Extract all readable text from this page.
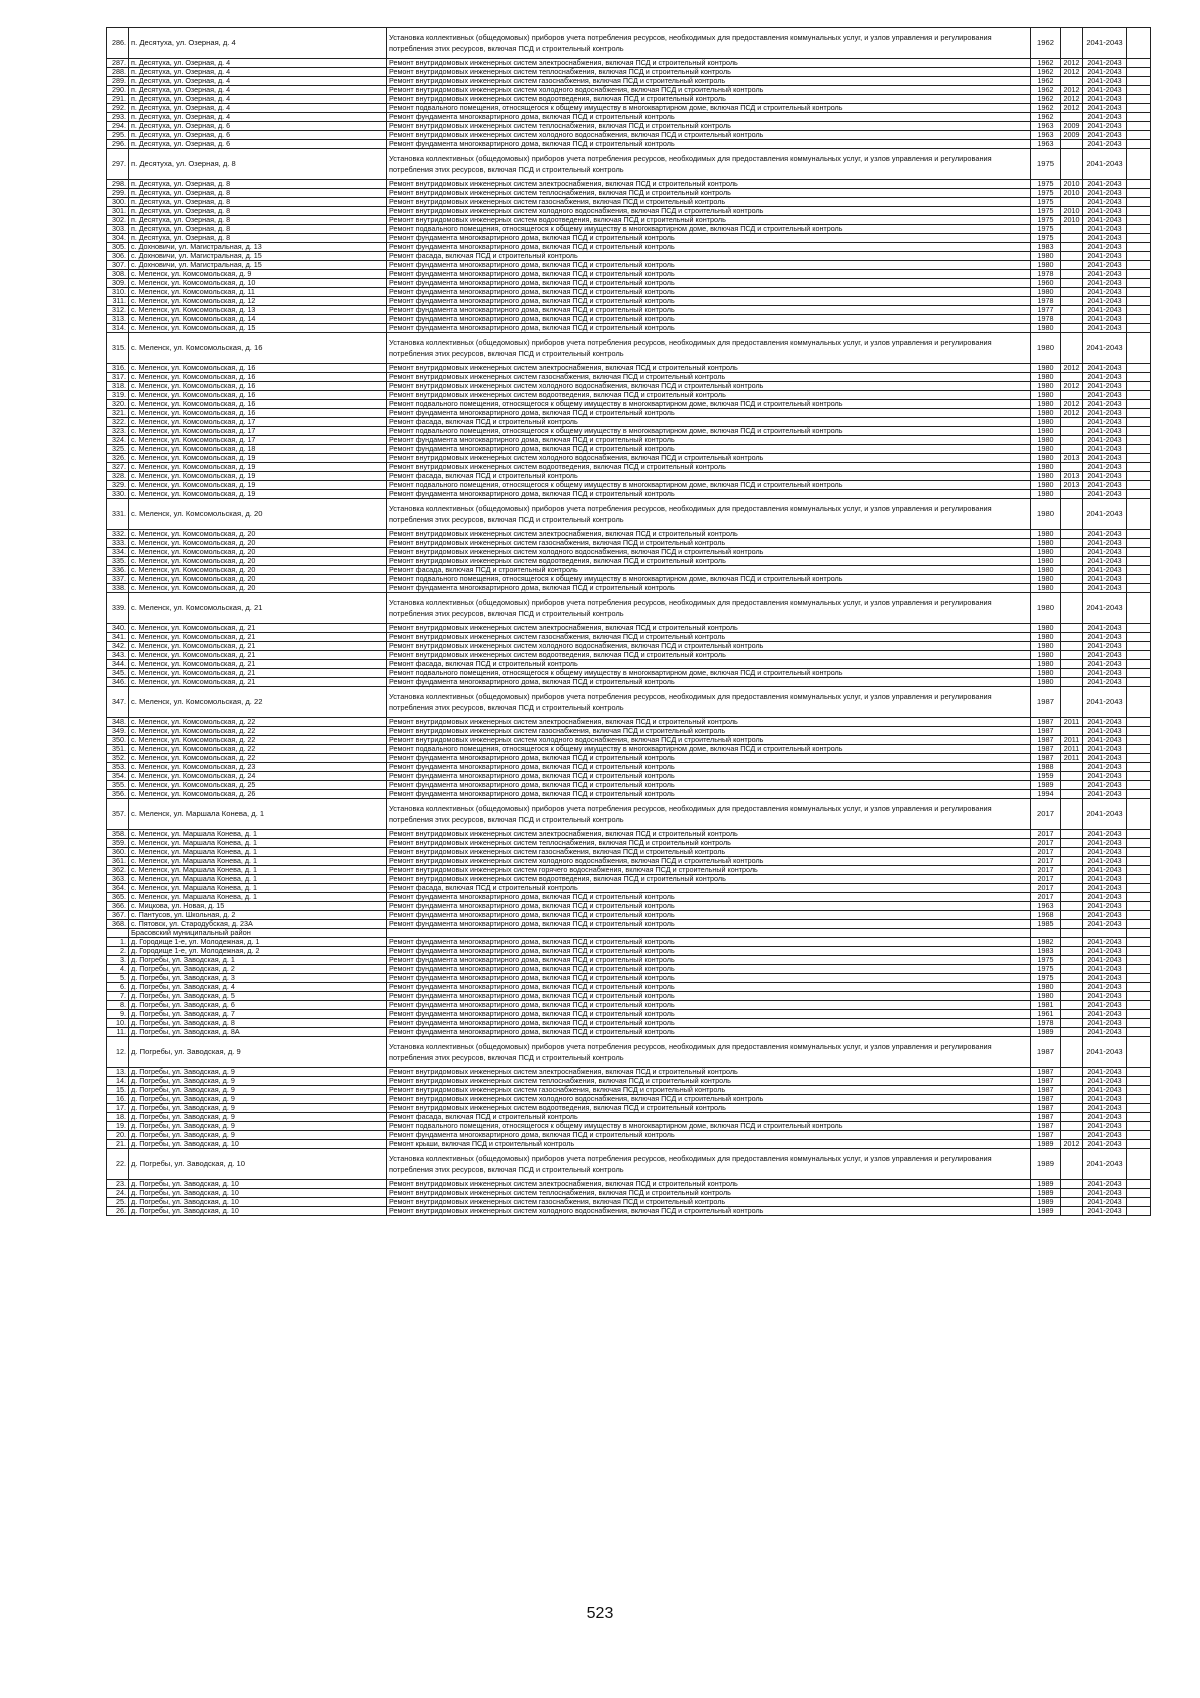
286.	п. Десятуха, ул. Озерная, д. 4	Установка коллективных (общедомовых) приборов учета потребления ресурсов, необходимых для предоставления коммунальных услуг, и узлов управления и регулирования потребления этих ресурсов, включая ПСД и строительный контроль	1962		2041-2043	
287.	п. Десятуха, ул. Озерная, д. 4	Ремонт внутридомовых инженерных систем электроснабжения, включая ПСД и строительный контроль	1962	2012	2041-2043	
288.	п. Десятуха, ул. Озерная, д. 4	Ремонт внутридомовых инженерных систем теплоснабжения, включая ПСД и строительный контроль	1962	2012	2041-2043	
289.	п. Десятуха, ул. Озерная, д. 4	Ремонт внутридомовых инженерных систем газоснабжения, включая ПСД и строительный контроль	1962		2041-2043	
290.	п. Десятуха, ул. Озерная, д. 4	Ремонт внутридомовых инженерных систем холодного водоснабжения, включая ПСД и строительный контроль	1962	2012	2041-2043	
291.	п. Десятуха, ул. Озерная, д. 4	Ремонт внутридомовых инженерных систем водоотведения, включая ПСД и строительный контроль	1962	2012	2041-2043	
292.	п. Десятуха, ул. Озерная, д. 4	Ремонт подвального помещения, относящегося к общему имуществу в многоквартирном доме, включая ПСД и строительный контроль	1962	2012	2041-2043	
293.	п. Десятуха, ул. Озерная, д. 4	Ремонт фундамента многоквартирного дома, включая ПСД и строительный контроль	1962		2041-2043	
294.	п. Десятуха, ул. Озерная, д. 6	Ремонт внутридомовых инженерных систем теплоснабжения, включая ПСД и строительный контроль	1963	2009	2041-2043	
295.	п. Десятуха, ул. Озерная, д. 6	Ремонт внутридомовых инженерных систем холодного водоснабжения, включая ПСД и строительный контроль	1963	2009	2041-2043	
296.	п. Десятуха, ул. Озерная, д. 6	Ремонт фундамента многоквартирного дома, включая ПСД и строительный контроль	1963		2041-2043	
297.	п. Десятуха, ул. Озерная, д. 8	Установка коллективных (общедомовых) приборов учета потребления ресурсов, необходимых для предоставления коммунальных услуг, и узлов управления и регулирования потребления этих ресурсов, включая ПСД и строительный контроль	1975		2041-2043	
298.	п. Десятуха, ул. Озерная, д. 8	Ремонт внутридомовых инженерных систем электроснабжения, включая ПСД и строительный контроль	1975	2010	2041-2043	
299.	п. Десятуха, ул. Озерная, д. 8	Ремонт внутридомовых инженерных систем теплоснабжения, включая ПСД и строительный контроль	1975	2010	2041-2043	
300.	п. Десятуха, ул. Озерная, д. 8	Ремонт внутридомовых инженерных систем газоснабжения, включая ПСД и строительный контроль	1975		2041-2043	
301.	п. Десятуха, ул. Озерная, д. 8	Ремонт внутридомовых инженерных систем холодного водоснабжения, включая ПСД и строительный контроль	1975	2010	2041-2043	
302.	п. Десятуха, ул. Озерная, д. 8	Ремонт внутридомовых инженерных систем водоотведения, включая ПСД и строительный контроль	1975	2010	2041-2043	
303.	п. Десятуха, ул. Озерная, д. 8	Ремонт подвального помещения, относящегося к общему имуществу в многоквартирном доме, включая ПСД и строительный контроль	1975		2041-2043	
304.	п. Десятуха, ул. Озерная, д. 8	Ремонт фундамента многоквартирного дома, включая ПСД и строительный контроль	1975		2041-2043	
305.	с. Дохновичи, ул. Магистральная, д. 13	Ремонт фундамента многоквартирного дома, включая ПСД и строительный контроль	1983		2041-2043	
306.	с. Дохновичи, ул. Магистральная, д. 15	Ремонт фасада, включая ПСД и строительный контроль	1980		2041-2043	
307.	с. Дохновичи, ул. Магистральная, д. 15	Ремонт фундамента многоквартирного дома, включая ПСД и строительный контроль	1980		2041-2043	
308.	с. Меленск, ул. Комсомольская, д. 9	Ремонт фундамента многоквартирного дома, включая ПСД и строительный контроль	1978		2041-2043	
309.	с. Меленск, ул. Комсомольская, д. 10	Ремонт фундамента многоквартирного дома, включая ПСД и строительный контроль	1960		2041-2043	
310.	с. Меленск, ул. Комсомольская, д. 11	Ремонт фундамента многоквартирного дома, включая ПСД и строительный контроль	1980		2041-2043	
311.	с. Меленск, ул. Комсомольская, д. 12	Ремонт фундамента многоквартирного дома, включая ПСД и строительный контроль	1978		2041-2043	
312.	с. Меленск, ул. Комсомольская, д. 13	Ремонт фундамента многоквартирного дома, включая ПСД и строительный контроль	1977		2041-2043	
313.	с. Меленск, ул. Комсомольская, д. 14	Ремонт фундамента многоквартирного дома, включая ПСД и строительный контроль	1978		2041-2043	
314.	с. Меленск, ул. Комсомольская, д. 15	Ремонт фундамента многоквартирного дома, включая ПСД и строительный контроль	1980		2041-2043	
315.	с. Меленск, ул. Комсомольская, д. 16	Установка коллективных (общедомовых) приборов учета потребления ресурсов, необходимых для предоставления коммунальных услуг, и узлов управления и регулирования потребления этих ресурсов, включая ПСД и строительный контроль	1980		2041-2043	
316.	с. Меленск, ул. Комсомольская, д. 16	Ремонт внутридомовых инженерных систем электроснабжения, включая ПСД и строительный контроль	1980	2012	2041-2043	
317.	с. Меленск, ул. Комсомольская, д. 16	Ремонт внутридомовых инженерных систем газоснабжения, включая ПСД и строительный контроль	1980		2041-2043	
318.	с. Меленск, ул. Комсомольская, д. 16	Ремонт внутридомовых инженерных систем холодного водоснабжения, включая ПСД и строительный контроль	1980	2012	2041-2043	
319.	с. Меленск, ул. Комсомольская, д. 16	Ремонт внутридомовых инженерных систем водоотведения, включая ПСД и строительный контроль	1980		2041-2043	
320.	с. Меленск, ул. Комсомольская, д. 16	Ремонт подвального помещения, относящегося к общему имуществу в многоквартирном доме, включая ПСД и строительный контроль	1980	2012	2041-2043	
321.	с. Меленск, ул. Комсомольская, д. 16	Ремонт фундамента многоквартирного дома, включая ПСД и строительный контроль	1980	2012	2041-2043	
322.	с. Меленск, ул. Комсомольская, д. 17	Ремонт фасада, включая ПСД и строительный контроль	1980		2041-2043	
323.	с. Меленск, ул. Комсомольская, д. 17	Ремонт подвального помещения, относящегося к общему имуществу в многоквартирном доме, включая ПСД и строительный контроль	1980		2041-2043	
324.	с. Меленск, ул. Комсомольская, д. 17	Ремонт фундамента многоквартирного дома, включая ПСД и строительный контроль	1980		2041-2043	
325.	с. Меленск, ул. Комсомольская, д. 18	Ремонт фундамента многоквартирного дома, включая ПСД и строительный контроль	1980		2041-2043	
326.	с. Меленск, ул. Комсомольская, д. 19	Ремонт внутридомовых инженерных систем холодного водоснабжения, включая ПСД и строительный контроль	1980	2013	2041-2043	
327.	с. Меленск, ул. Комсомольская, д. 19	Ремонт внутридомовых инженерных систем водоотведения, включая ПСД и строительный контроль	1980		2041-2043	
328.	с. Меленск, ул. Комсомольская, д. 19	Ремонт фасада, включая ПСД и строительный контроль	1980	2013	2041-2043	
329.	с. Меленск, ул. Комсомольская, д. 19	Ремонт подвального помещения, относящегося к общему имуществу в многоквартирном доме, включая ПСД и строительный контроль	1980	2013	2041-2043	
330.	с. Меленск, ул. Комсомольская, д. 19	Ремонт фундамента многоквартирного дома, включая ПСД и строительный контроль	1980		2041-2043	
331.	с. Меленск, ул. Комсомольская, д. 20	Установка коллективных (общедомовых) приборов учета потребления ресурсов, необходимых для предоставления коммунальных услуг, и узлов управления и регулирования потребления этих ресурсов, включая ПСД и строительный контроль	1980		2041-2043	
332.	с. Меленск, ул. Комсомольская, д. 20	Ремонт внутридомовых инженерных систем электроснабжения, включая ПСД и строительный контроль	1980		2041-2043	
333.	с. Меленск, ул. Комсомольская, д. 20	Ремонт внутридомовых инженерных систем газоснабжения, включая ПСД и строительный контроль	1980		2041-2043	
334.	с. Меленск, ул. Комсомольская, д. 20	Ремонт внутридомовых инженерных систем холодного водоснабжения, включая ПСД и строительный контроль	1980		2041-2043	
335.	с. Меленск, ул. Комсомольская, д. 20	Ремонт внутридомовых инженерных систем водоотведения, включая ПСД и строительный контроль	1980		2041-2043	
336.	с. Меленск, ул. Комсомольская, д. 20	Ремонт фасада, включая ПСД и строительный контроль	1980		2041-2043	
337.	с. Меленск, ул. Комсомольская, д. 20	Ремонт подвального помещения, относящегося к общему имуществу в многоквартирном доме, включая ПСД и строительный контроль	1980		2041-2043	
338.	с. Меленск, ул. Комсомольская, д. 20	Ремонт фундамента многоквартирного дома, включая ПСД и строительный контроль	1980		2041-2043	
339.	с. Меленск, ул. Комсомольская, д. 21	Установка коллективных (общедомовых) приборов учета потребления ресурсов, необходимых для предоставления коммунальных услуг, и узлов управления и регулирования потребления этих ресурсов, включая ПСД и строительный контроль	1980		2041-2043	
340.	с. Меленск, ул. Комсомольская, д. 21	Ремонт внутридомовых инженерных систем электроснабжения, включая ПСД и строительный контроль	1980		2041-2043	
341.	с. Меленск, ул. Комсомольская, д. 21	Ремонт внутридомовых инженерных систем газоснабжения, включая ПСД и строительный контроль	1980		2041-2043	
342.	с. Меленск, ул. Комсомольская, д. 21	Ремонт внутридомовых инженерных систем холодного водоснабжения, включая ПСД и строительный контроль	1980		2041-2043	
343.	с. Меленск, ул. Комсомольская, д. 21	Ремонт внутридомовых инженерных систем водоотведения, включая ПСД и строительный контроль	1980		2041-2043	
344.	с. Меленск, ул. Комсомольская, д. 21	Ремонт фасада, включая ПСД и строительный контроль	1980		2041-2043	
345.	с. Меленск, ул. Комсомольская, д. 21	Ремонт подвального помещения, относящегося к общему имуществу в многоквартирном доме, включая ПСД и строительный контроль	1980		2041-2043	
346.	с. Меленск, ул. Комсомольская, д. 21	Ремонт фундамента многоквартирного дома, включая ПСД и строительный контроль	1980		2041-2043	
347.	с. Меленск, ул. Комсомольская, д. 22	Установка коллективных (общедомовых) приборов учета потребления ресурсов, необходимых для предоставления коммунальных услуг, и узлов управления и регулирования потребления этих ресурсов, включая ПСД и строительный контроль	1987		2041-2043	
348.	с. Меленск, ул. Комсомольская, д. 22	Ремонт внутридомовых инженерных систем электроснабжения, включая ПСД и строительный контроль	1987	2011	2041-2043	
349.	с. Меленск, ул. Комсомольская, д. 22	Ремонт внутридомовых инженерных систем газоснабжения, включая ПСД и строительный контроль	1987		2041-2043	
350.	с. Меленск, ул. Комсомольская, д. 22	Ремонт внутридомовых инженерных систем холодного водоснабжения, включая ПСД и строительный контроль	1987	2011	2041-2043	
351.	с. Меленск, ул. Комсомольская, д. 22	Ремонт подвального помещения, относящегося к общему имуществу в многоквартирном доме, включая ПСД и строительный контроль	1987	2011	2041-2043	
352.	с. Меленск, ул. Комсомольская, д. 22	Ремонт фундамента многоквартирного дома, включая ПСД и строительный контроль	1987	2011	2041-2043	
353.	с. Меленск, ул. Комсомольская, д. 23	Ремонт фундамента многоквартирного дома, включая ПСД и строительный контроль	1988		2041-2043	
354.	с. Меленск, ул. Комсомольская, д. 24	Ремонт фундамента многоквартирного дома, включая ПСД и строительный контроль	1959		2041-2043	
355.	с. Меленск, ул. Комсомольская, д. 25	Ремонт фундамента многоквартирного дома, включая ПСД и строительный контроль	1989		2041-2043	
356.	с. Меленск, ул. Комсомольская, д. 26	Ремонт фундамента многоквартирного дома, включая ПСД и строительный контроль	1994		2041-2043	
357.	с. Меленск, ул. Маршала Конева, д. 1	Установка коллективных (общедомовых) приборов учета потребления ресурсов, необходимых для предоставления коммунальных услуг, и узлов управления и регулирования потребления этих ресурсов, включая ПСД и строительный контроль	2017		2041-2043	
358.	с. Меленск, ул. Маршала Конева, д. 1	Ремонт внутридомовых инженерных систем электроснабжения, включая ПСД и строительный контроль	2017		2041-2043	
359.	с. Меленск, ул. Маршала Конева, д. 1	Ремонт внутридомовых инженерных систем теплоснабжения, включая ПСД и строительный контроль	2017		2041-2043	
360.	с. Меленск, ул. Маршала Конева, д. 1	Ремонт внутридомовых инженерных систем газоснабжения, включая ПСД и строительный контроль	2017		2041-2043	
361.	с. Меленск, ул. Маршала Конева, д. 1	Ремонт внутридомовых инженерных систем холодного водоснабжения, включая ПСД и строительный контроль	2017		2041-2043	
362.	с. Меленск, ул. Маршала Конева, д. 1	Ремонт внутридомовых инженерных систем горячего водоснабжения, включая ПСД и строительный контроль	2017		2041-2043	
363.	с. Меленск, ул. Маршала Конева, д. 1	Ремонт внутридомовых инженерных систем водоотведения, включая ПСД и строительный контроль	2017		2041-2043	
364.	с. Меленск, ул. Маршала Конева, д. 1	Ремонт фасада, включая ПСД и строительный контроль	2017		2041-2043	
365.	с. Меленск, ул. Маршала Конева, д. 1	Ремонт фундамента многоквартирного дома, включая ПСД и строительный контроль	2017		2041-2043	
366.	с. Мицкова, ул. Новая, д. 15	Ремонт фундамента многоквартирного дома, включая ПСД и строительный контроль	1963		2041-2043	
367.	с. Пантусов, ул. Школьная, д. 2	Ремонт фундамента многоквартирного дома, включая ПСД и строительный контроль	1968		2041-2043	
368.	с. Пятовск, ул. Стародубская, д. 23А	Ремонт фундамента многоквартирного дома, включая ПСД и строительный контроль	1985		2041-2043	
	Брасовский муниципальный район					
1.	д. Городище 1-е, ул. Молодежная, д. 1	Ремонт фундамента многоквартирного дома, включая ПСД и строительный контроль	1982		2041-2043	
2.	д. Городище 1-е, ул. Молодежная, д. 2	Ремонт фундамента многоквартирного дома, включая ПСД и строительный контроль	1983		2041-2043	
3.	д. Погребы, ул. Заводская, д. 1	Ремонт фундамента многоквартирного дома, включая ПСД и строительный контроль	1975		2041-2043	
4.	д. Погребы, ул. Заводская, д. 2	Ремонт фундамента многоквартирного дома, включая ПСД и строительный контроль	1975		2041-2043	
5.	д. Погребы, ул. Заводская, д. 3	Ремонт фундамента многоквартирного дома, включая ПСД и строительный контроль	1975		2041-2043	
6.	д. Погребы, ул. Заводская, д. 4	Ремонт фундамента многоквартирного дома, включая ПСД и строительный контроль	1980		2041-2043	
7.	д. Погребы, ул. Заводская, д. 5	Ремонт фундамента многоквартирного дома, включая ПСД и строительный контроль	1980		2041-2043	
8.	д. Погребы, ул. Заводская, д. 6	Ремонт фундамента многоквартирного дома, включая ПСД и строительный контроль	1981		2041-2043	
9.	д. Погребы, ул. Заводская, д. 7	Ремонт фундамента многоквартирного дома, включая ПСД и строительный контроль	1961		2041-2043	
10.	д. Погребы, ул. Заводская, д. 8	Ремонт фундамента многоквартирного дома, включая ПСД и строительный контроль	1978		2041-2043	
11.	д. Погребы, ул. Заводская, д. 8А	Ремонт фундамента многоквартирного дома, включая ПСД и строительный контроль	1989		2041-2043	
12.	д. Погребы, ул. Заводская, д. 9	Установка коллективных (общедомовых) приборов учета потребления ресурсов, необходимых для предоставления коммунальных услуг, и узлов управления и регулирования потребления этих ресурсов, включая ПСД и строительный контроль	1987		2041-2043	
13.	д. Погребы, ул. Заводская, д. 9	Ремонт внутридомовых инженерных систем электроснабжения, включая ПСД и строительный контроль	1987		2041-2043	
14.	д. Погребы, ул. Заводская, д. 9	Ремонт внутридомовых инженерных систем теплоснабжения, включая ПСД и строительный контроль	1987		2041-2043	
15.	д. Погребы, ул. Заводская, д. 9	Ремонт внутридомовых инженерных систем газоснабжения, включая ПСД и строительный контроль	1987		2041-2043	
16.	д. Погребы, ул. Заводская, д. 9	Ремонт внутридомовых инженерных систем холодного водоснабжения, включая ПСД и строительный контроль	1987		2041-2043	
17.	д. Погребы, ул. Заводская, д. 9	Ремонт внутридомовых инженерных систем водоотведения, включая ПСД и строительный контроль	1987		2041-2043	
18.	д. Погребы, ул. Заводская, д. 9	Ремонт фасада, включая ПСД и строительный контроль	1987		2041-2043	
19.	д. Погребы, ул. Заводская, д. 9	Ремонт подвального помещения, относящегося к общему имуществу в многоквартирном доме, включая ПСД и строительный контроль	1987		2041-2043	
20.	д. Погребы, ул. Заводская, д. 9	Ремонт фундамента многоквартирного дома, включая ПСД и строительный контроль	1987		2041-2043	
21.	д. Погребы, ул. Заводская, д. 10	Ремонт крыши, включая ПСД и строительный контроль	1989	2012	2041-2043	
22.	д. Погребы, ул. Заводская, д. 10	Установка коллективных (общедомовых) приборов учета потребления ресурсов, необходимых для предоставления коммунальных услуг, и узлов управления и регулирования потребления этих ресурсов, включая ПСД и строительный контроль	1989		2041-2043	
23.	д. Погребы, ул. Заводская, д. 10	Ремонт внутридомовых инженерных систем электроснабжения, включая ПСД и строительный контроль	1989		2041-2043	
24.	д. Погребы, ул. Заводская, д. 10	Ремонт внутридомовых инженерных систем теплоснабжения, включая ПСД и строительный контроль	1989		2041-2043	
25.	д. Погребы, ул. Заводская, д. 10	Ремонт внутридомовых инженерных систем газоснабжения, включая ПСД и строительный контроль	1989		2041-2043	
26.	д. Погребы, ул. Заводская, д. 10	Ремонт внутридомовых инженерных систем холодного водоснабжения, включая ПСД и строительный контроль	1989		2041-2043	
523
